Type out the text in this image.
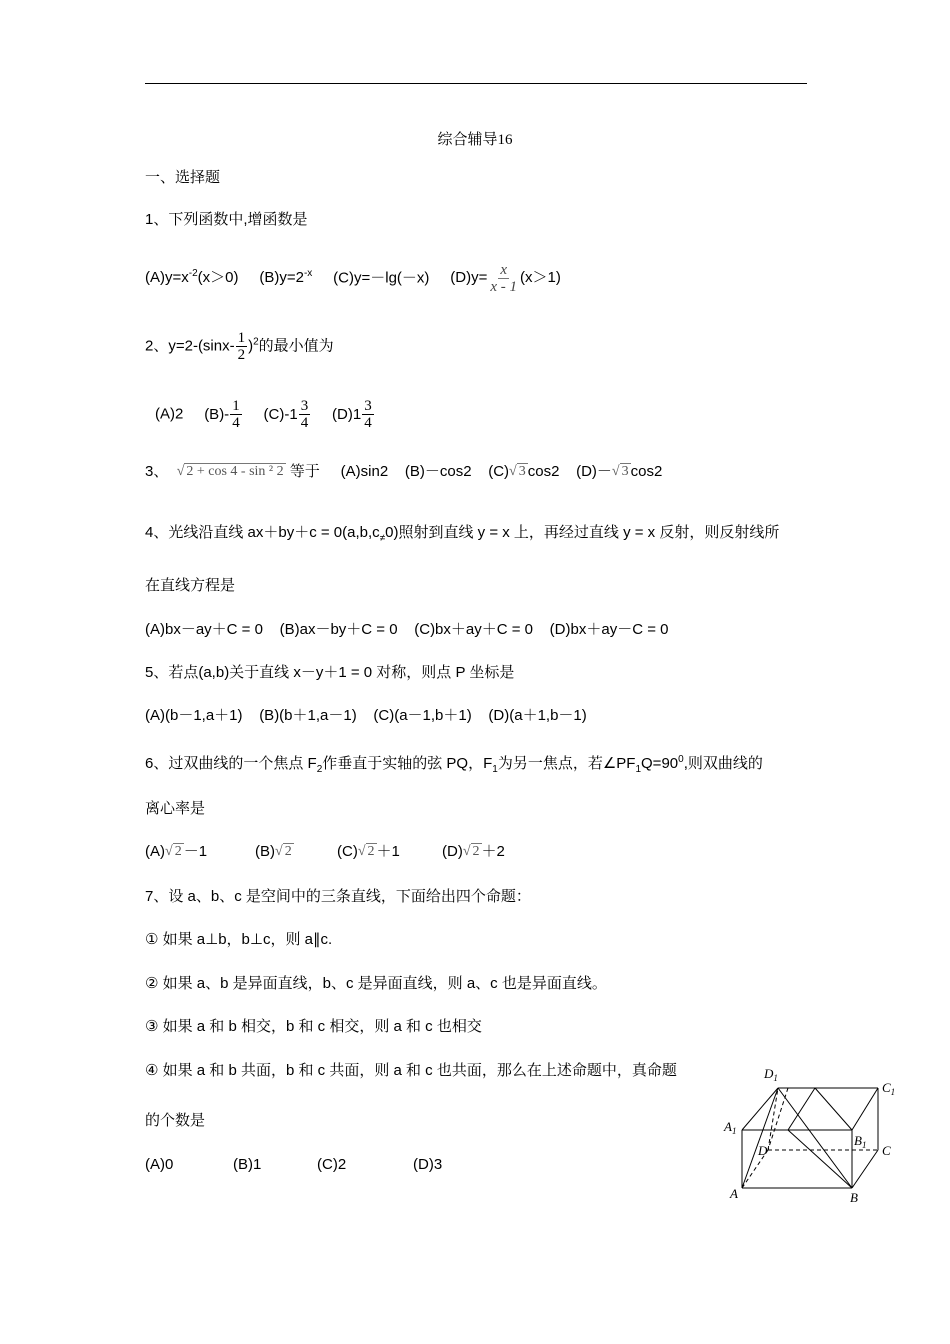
综合辅导16
一、选择题
1、下列函数中,增函数是
$(A)y=x^{-2}(x>0)$ $(B)y=2^{-x}$ (C)y=－lg(－x) $(D)y= \frac{x}{x - 1} (x>1)$
2、$y=2-(\sin x- \frac{1}{2} )^2$的最小值为
(A)2 $(B)- \frac{1}{4}$
$(C)-1 \frac{3}{4}$
$(D)1 \frac{3}{4}$
3、 √ 2 + cos 4 - sin ² 2 等于 (A)sin2 (B)－cos2 (C)√ 3 cos2 (D)－√ 3 cos2
4、光线沿直线 $ax+by+c = 0(a,b,c_\ne 0)$照射到直线 y = x 上，再经过直线 y = x 反射，则反射线所
在直线方程是
(A)bx－ay＋C = 0    (B)ax－by＋C = 0    (C)bx＋ay＋C = 0    (D)bx＋ay－C = 0
5、若点(a,b)关于直线 x－y＋1 = 0 对称，则点 P 坐标是
(A)(b－1,a＋1)    (B)(b＋1,a－1)    (C)(a－1,b＋1)    (D)(a＋1,b－1)
6、过双曲线的一个焦点 $F_2$作垂直于实轴的弦 PQ，$F_1$为另一焦点，若$\angle PF_1Q=90^0$,则双曲线的
离心率是
(A)√ 2 －1	(B)√ 2	(C)√ 2 ＋1	(D)√ 2 ＋2
7、设 a、b、c 是空间中的三条直线，下面给出四个命题：
① 如果 a⊥b，b⊥c，则 a∥c.
② 如果 a、b 是异面直线，b、c 是异面直线，则 a、c 也是异面直线。
③ 如果 a 和 b 相交，b 和 c 相交，则 a 和 c 也相交
④ 如果 a 和 b 共面，b 和 c 共面，则 a 和 c 也共面，那么在上述命题中，真命题
的个数是
(A)0	(B)1	(C)2	(D)3
$D_1$
$C_1$
$A_1$
$B_1$
D	C
A	B
